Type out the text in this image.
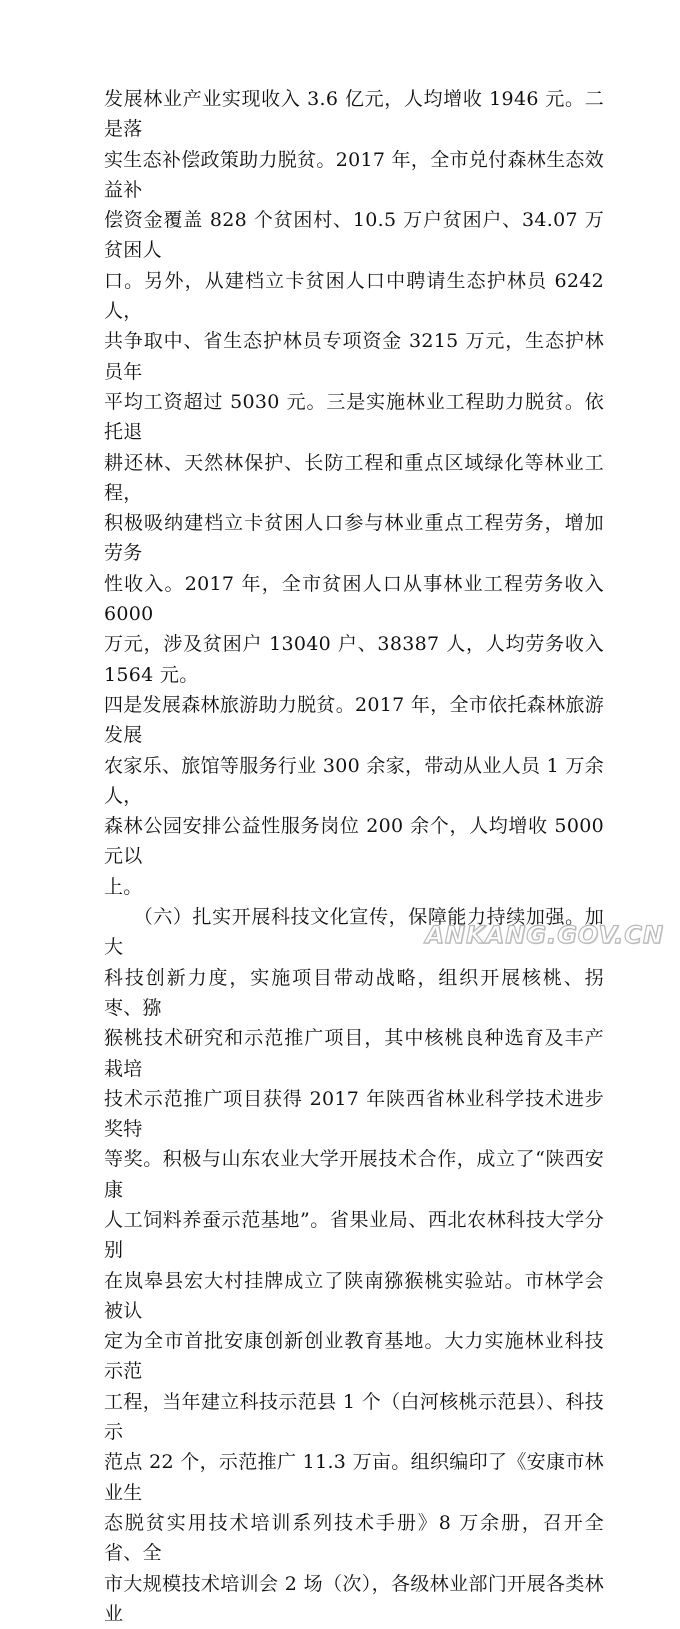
发展林业产业实现收入 3.6 亿元，人均增收 1946 元。二是落
实生态补偿政策助力脱贫。2017 年，全市兑付森林生态效益补
偿资金覆盖 828 个贫困村、10.5 万户贫困户、34.07 万贫困人
口。另外，从建档立卡贫困人口中聘请生态护林员 6242 人，
共争取中、省生态护林员专项资金 3215 万元，生态护林员年
平均工资超过 5030 元。三是实施林业工程助力脱贫。依托退
耕还林、天然林保护、长防工程和重点区域绿化等林业工程，
积极吸纳建档立卡贫困人口参与林业重点工程劳务，增加劳务
性收入。2017 年，全市贫困人口从事林业工程劳务收入 6000
万元，涉及贫困户 13040 户、38387 人，人均劳务收入 1564 元。
四是发展森林旅游助力脱贫。2017 年，全市依托森林旅游发展
农家乐、旅馆等服务行业 300 余家，带动从业人员 1 万余人，
森林公园安排公益性服务岗位 200 余个，人均增收 5000 元以
上。

　　（六）扎实开展科技文化宣传，保障能力持续加强。加大
科技创新力度，实施项目带动战略，组织开展核桃、拐枣、猕
猴桃技术研究和示范推广项目，其中核桃良种选育及丰产栽培
技术示范推广项目获得 2017 年陕西省林业科学技术进步奖特
等奖。积极与山东农业大学开展技术合作，成立了“陕西安康
人工饲料养蚕示范基地”。省果业局、西北农林科技大学分别
在岚皋县宏大村挂牌成立了陕南猕猴桃实验站。市林学会被认
定为全市首批安康创新创业教育基地。大力实施林业科技示范
工程，当年建立科技示范县 1 个（白河核桃示范县）、科技示
范点 22 个，示范推广 11.3 万亩。组织编印了《安康市林业生
态脱贫实用技术培训系列技术手册》8 万余册，召开全省、全
市大规模技术培训会 2 场（次），各级林业部门开展各类林业

ANKANG.GOV.CN
